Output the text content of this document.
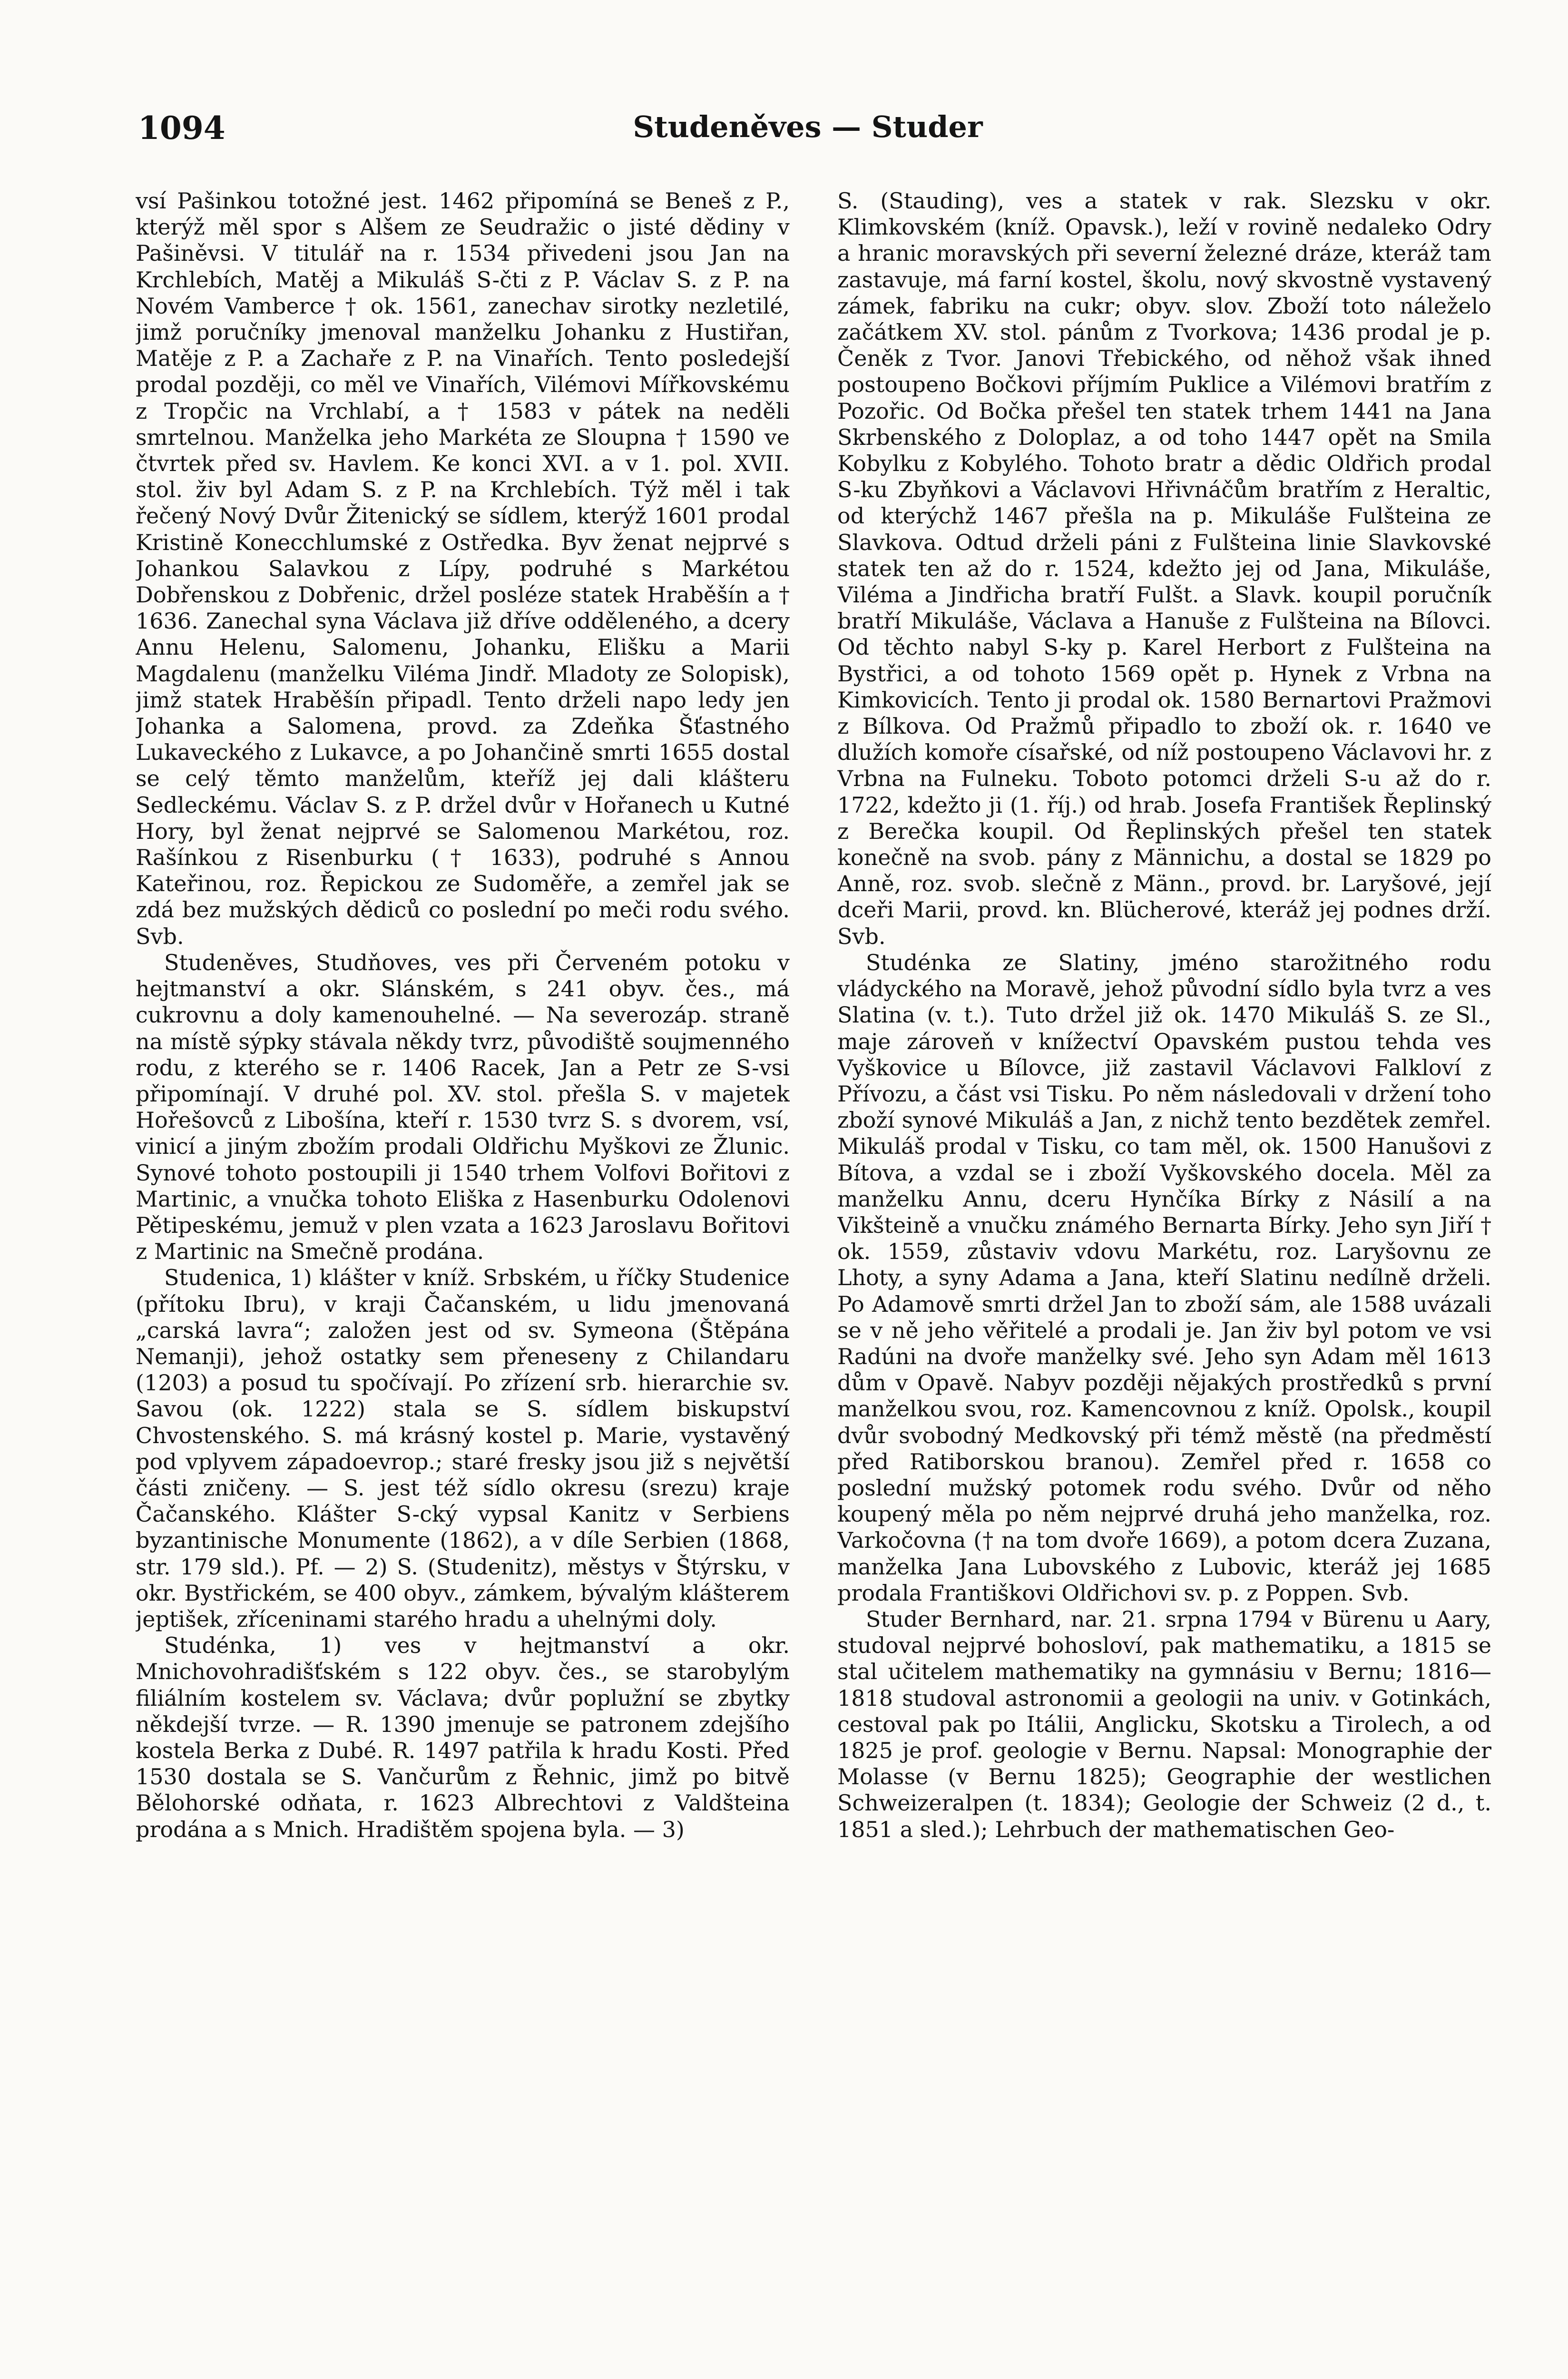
1094	Studeněves — Studer

vsí Pašinkou totožné jest. 1462 připomíná se Beneš z P., kterýž měl spor s Alšem ze Seudražic o jisté dědiny v Pašiněvsi. V titulář na r. 1534 přivedeni jsou Jan na Krchlebích, Matěj a Mikuláš S-čti z P. Václav S. z P. na Novém Vamberce † ok. 1561, zanechav sirotky nezletilé, jimž poručníky jmenoval manželku Johanku z Hustiřan, Matěje z P. a Zachaře z P. na Vinařích. Tento posledejší prodal později, co měl ve Vinařích, Vilémovi Mířkovskému z Tropčic na Vrchlabí, a † 1583 v pátek na neděli smrtelnou. Manželka jeho Markéta ze Sloupna † 1590 ve čtvrtek před sv. Havlem. Ke konci XVI. a v 1. pol. XVII. stol. živ byl Adam S. z P. na Krchlebích. Týž měl i tak řečený Nový Dvůr Žitenický se sídlem, kterýž 1601 prodal Kristině Konecchlumské z Ostředka. Byv ženat nejprvé s Johankou Salavkou z Lípy, podruhé s Markétou Dobřenskou z Dobřenic, držel posléze statek Hraběšín a † 1636. Zanechal syna Václava již dříve odděleného, a dcery Annu Helenu, Salomenu, Johanku, Elišku a Marii Magdalenu (manželku Viléma Jindř. Mladoty ze Solopisk), jimž statek Hraběšín připadl. Tento drželi napo ledy jen Johanka a Salomena, provd. za Zdeňka Šťastného Lukaveckého z Lukavce, a po Johančině smrti 1655 dostal se celý těmto manželům, kteříž jej dali klášteru Sedleckému. Václav S. z P. držel dvůr v Hořanech u Kutné Hory, byl ženat nejprvé se Salomenou Markétou, roz. Rašínkou z Risenburku († 1633), podruhé s Annou Kateřinou, roz. Řepickou ze Sudoměře, a zemřel jak se zdá bez mužských dědiců co poslední po meči rodu svého. Svb.

Studeněves, Studňoves, ves při Červeném potoku v hejtmanství a okr. Slánském, s 241 obyv. čes., má cukrovnu a doly kamenouhelné. — Na severozáp. straně na místě sýpky stávala někdy tvrz, původiště soujmenného rodu, z kterého se r. 1406 Racek, Jan a Petr ze S-vsi připomínají. V druhé pol. XV. stol. přešla S. v majetek Hořešovců z Libošína, kteří r. 1530 tvrz S. s dvorem, vsí, vinicí a jiným zbožím prodali Oldřichu Myškovi ze Žlunic. Synové tohoto postoupili ji 1540 trhem Volfovi Bořitovi z Martinic, a vnučka tohoto Eliška z Hasenburku Odolenovi Pětipeskému, jemuž v plen vzata a 1623 Jaroslavu Bořitovi z Martinic na Smečně prodána.

Studenica, 1) klášter v kníž. Srbském, u říčky Studenice (přítoku Ibru), v kraji Čačanském, u lidu jmenovaná „carská lavra“; založen jest od sv. Symeona (Štěpána Nemanji), jehož ostatky sem přeneseny z Chilandaru (1203) a posud tu spočívají. Po zřízení srb. hierarchie sv. Savou (ok. 1222) stala se S. sídlem biskupství Chvostenského. S. má krásný kostel p. Marie, vystavěný pod vplyvem západoevrop.; staré fresky jsou již s největší části zničeny. — S. jest též sídlo okresu (srezu) kraje Čačanského. Klášter S-cký vypsal Kanitz v Serbiens byzantinische Monumente (1862), a v díle Serbien (1868, str. 179 sld.). Pf. — 2) S. (Studenitz), městys v Štýrsku, v okr. Bystřickém, se 400 obyv., zámkem, bývalým klášterem jeptišek, zříceninami starého hradu a uhelnými doly.

Studénka, 1) ves v hejtmanství a okr. Mnichovohradišťském s 122 obyv. čes., se starobylým filiálním kostelem sv. Václava; dvůr poplužní se zbytky někdejší tvrze. — R. 1390 jmenuje se patronem zdejšího kostela Berka z Dubé. R. 1497 patřila k hradu Kosti. Před 1530 dostala se S. Vančurům z Řehnic, jimž po bitvě Bělohorské odňata, r. 1623 Albrechtovi z Valdšteina prodána a s Mnich. Hradištěm spojena byla. — 3)

S. (Stauding), ves a statek v rak. Slezsku v okr. Klimkovském (kníž. Opavsk.), leží v rovině nedaleko Odry a hranic moravských při severní železné dráze, kteráž tam zastavuje, má farní kostel, školu, nový skvostně vystavený zámek, fabriku na cukr; obyv. slov. Zboží toto náleželo začátkem XV. stol. pánům z Tvorkova; 1436 prodal je p. Čeněk z Tvor. Janovi Třebického, od něhož však ihned postoupeno Bočkovi příjmím Puklice a Vilémovi bratřím z Pozořic. Od Bočka přešel ten statek trhem 1441 na Jana Skrbenského z Doloplaz, a od toho 1447 opět na Smila Kobylku z Kobylého. Tohoto bratr a dědic Oldřich prodal S-ku Zbyňkovi a Václavovi Hřivnáčům bratřím z Heraltic, od kterýchž 1467 přešla na p. Mikuláše Fulšteina ze Slavkova. Odtud drželi páni z Fulšteina linie Slavkovské statek ten až do r. 1524, kdežto jej od Jana, Mikuláše, Viléma a Jindřicha bratří Fulšt. a Slavk. koupil poručník bratří Mikuláše, Václava a Hanuše z Fulšteina na Bílovci. Od těchto nabyl S-ky p. Karel Herbort z Fulšteina na Bystřici, a od tohoto 1569 opět p. Hynek z Vrbna na Kimkovicích. Tento ji prodal ok. 1580 Bernartovi Pražmovi z Bílkova. Od Pražmů připadlo to zboží ok. r. 1640 ve dlužích komoře císařské, od níž postoupeno Václavovi hr. z Vrbna na Fulneku. Toboto potomci drželi S-u až do r. 1722, kdežto ji (1. říj.) od hrab. Josefa František Řeplinský z Berečka koupil. Od Řeplinských přešel ten statek konečně na svob. pány z Männichu, a dostal se 1829 po Anně, roz. svob. slečně z Männ., provd. br. Laryšové, její dceři Marii, provd. kn. Blücherové, kteráž jej podnes drží. Svb.

Studénka ze Slatiny, jméno starožitného rodu vládyckého na Moravě, jehož původní sídlo byla tvrz a ves Slatina (v. t.). Tuto držel již ok. 1470 Mikuláš S. ze Sl., maje zároveň v knížectví Opavském pustou tehda ves Vyškovice u Bílovce, již zastavil Václavovi Falkloví z Přívozu, a část vsi Tisku. Po něm následovali v držení toho zboží synové Mikuláš a Jan, z nichž tento bezdětek zemřel. Mikuláš prodal v Tisku, co tam měl, ok. 1500 Hanušovi z Bítova, a vzdal se i zboží Vyškovského docela. Měl za manželku Annu, dceru Hynčíka Bírky z Násilí a na Vikšteině a vnučku známého Bernarta Bírky. Jeho syn Jiří † ok. 1559, zůstaviv vdovu Markétu, roz. Laryšovnu ze Lhoty, a syny Adama a Jana, kteří Slatinu nedílně drželi. Po Adamově smrti držel Jan to zboží sám, ale 1588 uvázali se v ně jeho věřitelé a prodali je. Jan živ byl potom ve vsi Radúni na dvoře manželky své. Jeho syn Adam měl 1613 dům v Opavě. Nabyv později nějakých prostředků s první manželkou svou, roz. Kamencovnou z kníž. Opolsk., koupil dvůr svobodný Medkovský při témž městě (na předměstí před Ratiborskou branou). Zemřel před r. 1658 co poslední mužský potomek rodu svého. Dvůr od něho koupený měla po něm nejprvé druhá jeho manželka, roz. Varkočovna († na tom dvoře 1669), a potom dcera Zuzana, manželka Jana Lubovského z Lubovic, kteráž jej 1685 prodala Františkovi Oldřichovi sv. p. z Poppen. Svb.

Studer Bernhard, nar. 21. srpna 1794 v Bürenu u Aary, studoval nejprvé bohosloví, pak mathematiku, a 1815 se stal učitelem mathematiky na gymnásiu v Bernu; 1816—1818 studoval astronomii a geologii na univ. v Gotinkách, cestoval pak po Itálii, Anglicku, Skotsku a Tirolech, a od 1825 je prof. geologie v Bernu. Napsal: Monographie der Molasse (v Bernu 1825); Geographie der westlichen Schweizeralpen (t. 1834); Geologie der Schweiz (2 d., t. 1851 a sled.); Lehrbuch der mathematischen Geo-
